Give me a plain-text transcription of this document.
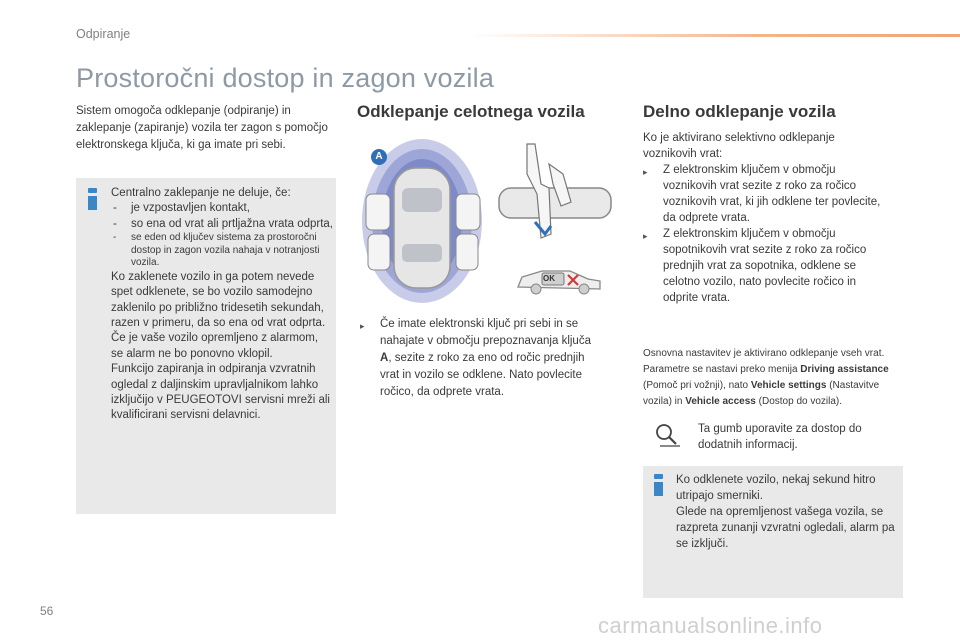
Odpiranje
Prostoročni dostop in zagon vozila
Sistem omogoča odklepanje (odpiranje) in zaklepanje (zapiranje) vozila ter zagon s pomočjo elektronskega ključa, ki ga imate pri sebi.

Centralno zaklepanje ne deluje, če:

- je vzpostavljen kontakt,
- so ena od vrat ali prtljažna vrata odprta,
- se eden od ključev sistema za prostoročni dostop in zagon vozila nahaja v notranjosti vozila.

Ko zaklenete vozilo in ga potem nevede spet odklenete, se bo vozilo samodejno zaklenilo po približno tridesetih sekundah, razen v primeru, da so ena od vrat odprta.

Če je vaše vozilo opremljeno z alarmom, se alarm ne bo ponovno vklopil.

Funkcijo zapiranja in odpiranja vzvratnih ogledal z daljinskim upravljalnikom lahko izključijo v PEUGEOTOVI servisni mreži ali kvalificirani servisni delavnici.

Odklepanje celotnega vozila
A
OK
▸ Če imate elektronski ključ pri sebi in se nahajate v območju prepoznavanja ključa A, sezite z roko za eno od ročic prednjih vrat in vozilo se odklene. Nato povlecite ročico, da odprete vrata.
Delno odklepanje vozila
Ko je aktivirano selektivno odklepanje voznikovih vrat:
▸ Z elektronskim ključem v območju voznikovih vrat sezite z roko za ročico voznikovih vrat, ki jih odklene ter povlecite, da odprete vrata.
▸ Z elektronskim ključem v območju sopotnikovih vrat sezite z roko za ročico prednjih vrat za sopotnika, odklene se celotno vozilo, nato povlecite ročico in odprite vrata.
Osnovna nastavitev je aktivirano odklepanje vseh vrat. Parametre se nastavi preko menija Driving assistance (Pomoč pri vožnji), nato Vehicle settings (Nastavitve vozila) in Vehicle access (Dostop do vozila).
Ta gumb uporavite za dostop do dodatnih informacij.

Ko odklenete vozilo, nekaj sekund hitro utripajo smerniki.

Glede na opremljenost vašega vozila, se razpreta zunanji vzvratni ogledali, alarm pa se izključi.

56
carmanualsonline.info
